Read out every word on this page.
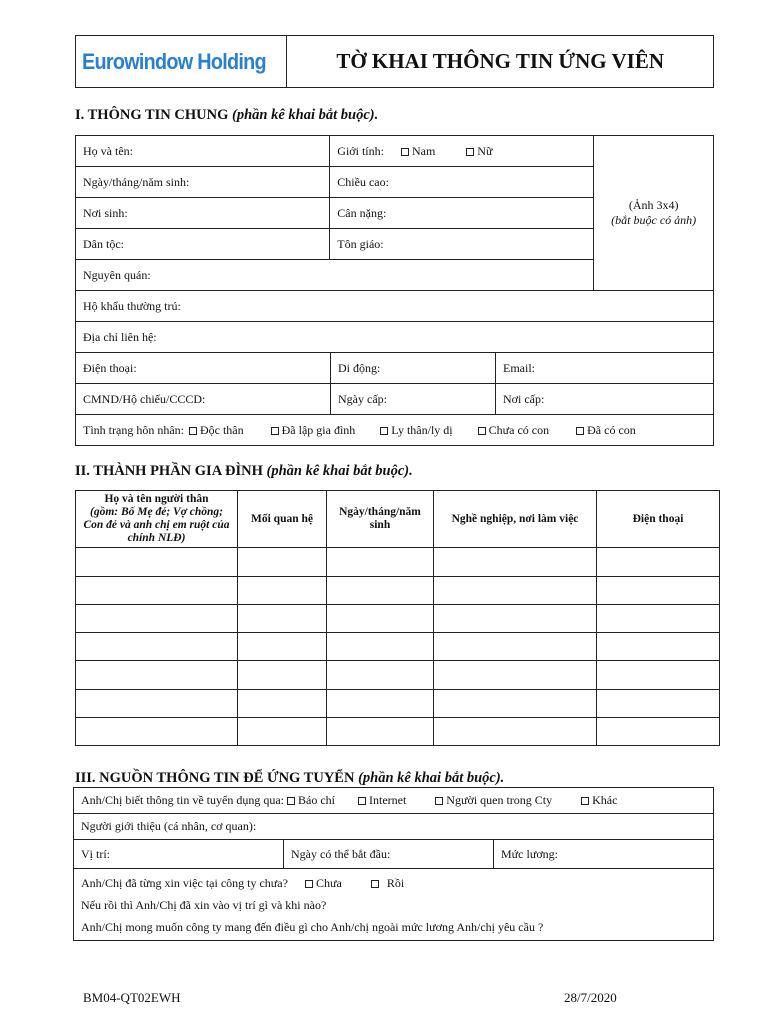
Eurowindow Holding	TỜ KHAI THÔNG TIN ỨNG VIÊN
I. THÔNG TIN CHUNG (phần kê khai bắt buộc).
Họ và tên:	Giới tính: Nam Nữ	(Ảnh 3x4)
(bắt buộc có ảnh)

Ngày/tháng/năm sinh:	Chiều cao:	
Nơi sinh:	Cân nặng:	
Dân tộc:	Tôn giáo:	
Nguyên quán:		
Hộ khẩu thường trú:		
Địa chỉ liên hệ:		
Điện thoại:	Di động:	Email:
CMND/Hộ chiếu/CCCD:	Ngày cấp:	Nơi cấp:
Tình trạng hôn nhân: Độc thân Đã lập gia đình Ly thân/ly dị Chưa có con Đã có con		
II. THÀNH PHẦN GIA ĐÌNH (phần kê khai bắt buộc).
Họ và tên người thân
(gồm: Bố Mẹ đẻ; Vợ chồng; Con đẻ và anh chị em ruột của chính NLĐ)	Mối quan hệ	Ngày/tháng/năm sinh	Nghề nghiệp, nơi làm việc	Điện thoại

III. NGUỒN THÔNG TIN ĐỂ ỨNG TUYỂN (phần kê khai bắt buộc).
Anh/Chị biết thông tin về tuyển dụng qua: Báo chí	Internet	Người quen trong Cty	Khác
Người giới thiệu (cá nhân, cơ quan):
Vị trí:	Ngày có thể bắt đầu:	Mức lương:

Anh/Chị đã từng xin việc tại công ty chưa? Chưa	Rồi
Nếu rồi thì Anh/Chị đã xin vào vị trí gì và khi nào?
Anh/Chị mong muốn công ty mang đến điều gì cho Anh/chị ngoài mức lương Anh/chị yêu cầu ?
BM04-QT02EWH	28/7/2020
